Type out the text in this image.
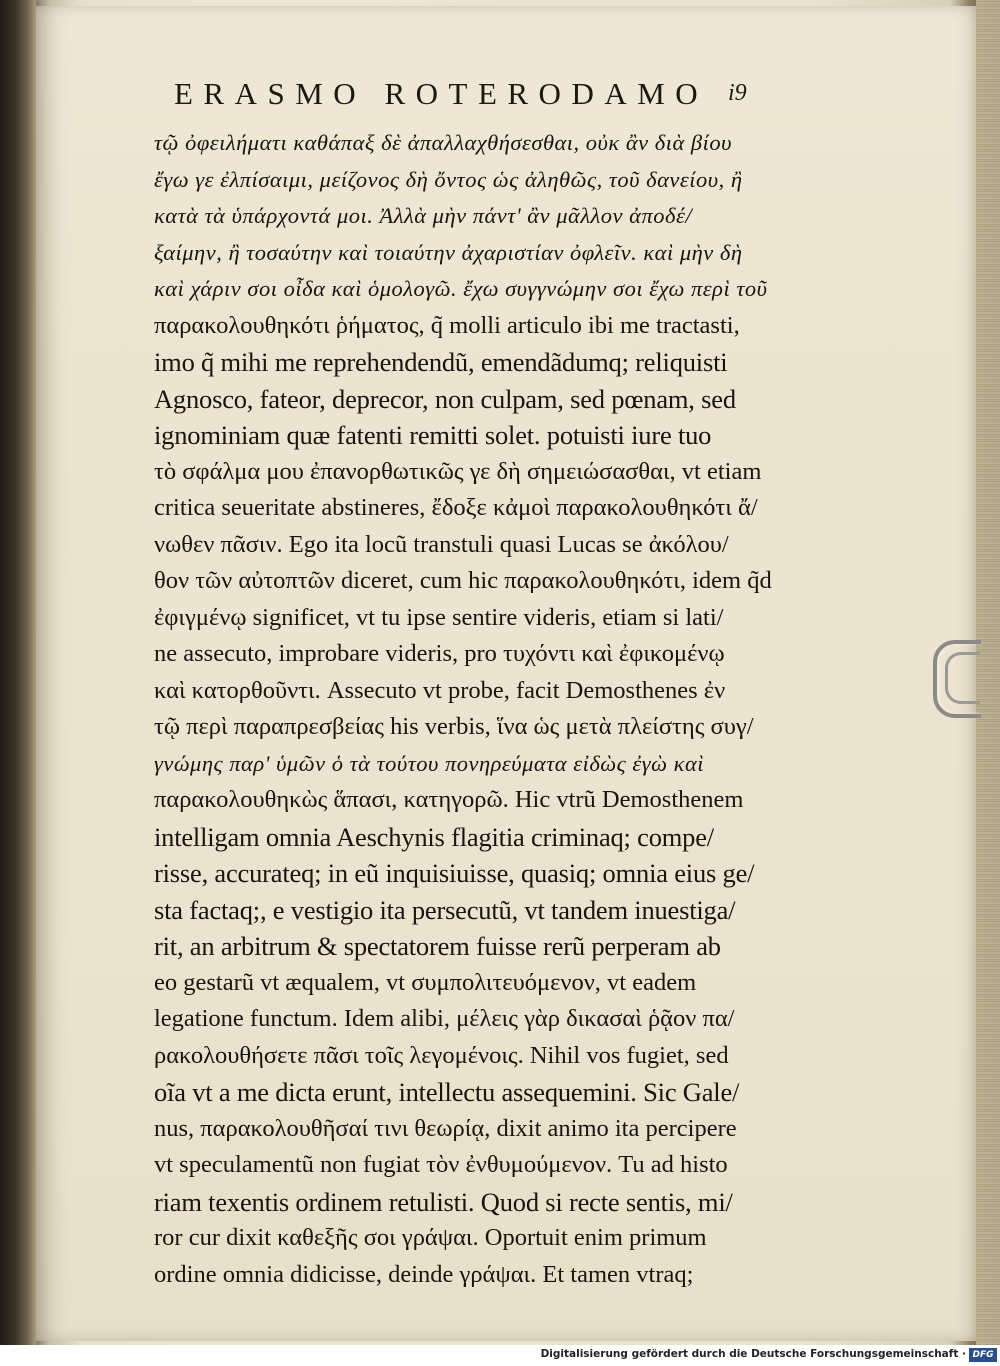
ERASMO ROTERODAMO i9
τῷ ὀφειλήματι καθάπαξ δὲ ἀπαλλαχθήσεσθαι, οὐκ ἂν διὰ βίου
ἔγω γε ἐλπίσαιμι, μείζονος δὴ ὄντος ὡς ἀληθῶς, τοῦ δανείου, ἢ
κατὰ τὰ ὑπάρχοντά μοι. Ἀλλὰ μὴν πάντ' ἂν μᾶλλον ἀποδέ/
ξαίμην, ἢ τοσαύτην καὶ τοιαύτην ἀχαριστίαν ὀφλεῖν. καὶ μὴν δὴ
καὶ χάριν σοι οἶδα καὶ ὁμολογῶ. ἔχω συγγνώμην σοι ἔχω περὶ τοῦ
παρακολουθηκότι ῥήματος, q̃ molli articulo ibi me tractasti,
imo q̃ mihi me reprehendendũ, emendãdumq; reliquisti
Agnosco, fateor, deprecor, non culpam, sed pœnam, sed
ignominiam quæ fatenti remitti solet. potuisti iure tuo
τὸ σφάλμα μου ἐπανορθωτικῶς γε δὴ σημειώσασθαι, vt etiam
critica seueritate abstineres, ἔδοξε κἀμοὶ παρακολουθηκότι ἄ/
νωθεν πᾶσιν. Ego ita locũ transtuli quasi Lucas se ἀκόλου/
θον τῶν αὐτοπτῶν diceret, cum hic παρακολουθηκότι, idem q̃d
ἐφιγμένῳ significet, vt tu ipse sentire videris, etiam si lati/
ne assecuto, improbare videris, pro τυχόντι καὶ ἐφικομένῳ
καὶ κατορθοῦντι. Assecuto vt probe, facit Demosthenes ἐν
τῷ περὶ παραπρεσβείας his verbis, ἵνα ὡς μετὰ πλείστης συγ/
γνώμης παρ' ὑμῶν ὁ τὰ τούτου πονηρεύματα εἰδὼς ἐγὼ καὶ
παρακολουθηκὼς ἅπασι, κατηγορῶ. Hic vtrũ Demosthenem
intelligam omnia Aeschynis flagitia criminaq; compe/
risse, accurateq; in eũ inquisiuisse, quasiq; omnia eius ge/
sta factaq;, e vestigio ita persecutũ, vt tandem inuestiga/
rit, an arbitrum & spectatorem fuisse rerũ perperam ab
eo gestarũ vt æqualem, vt συμπολιτευόμενον, vt eadem
legatione functum. Idem alibi, μέλεις γὰρ δικασαὶ ῥᾷον πα/
ρακολουθήσετε πᾶσι τοῖς λεγομένοις. Nihil vos fugiet, sed
oĩa vt a me dicta erunt, intellectu assequemini. Sic Gale/
nus, παρακολουθῆσαί τινι θεωρίᾳ, dixit animo ita percipere
vt speculamentũ non fugiat τὸν ἐνθυμούμενον. Tu ad histo
riam texentis ordinem retulisti. Quod si recte sentis, mi/
ror cur dixit καθεξῆς σοι γράψαι. Oportuit enim primum
ordine omnia didicisse, deinde γράψαι. Et tamen vtraq;
Digitalisierung gefördert durch die Deutsche Forschungsgemeinschaft · DFG
